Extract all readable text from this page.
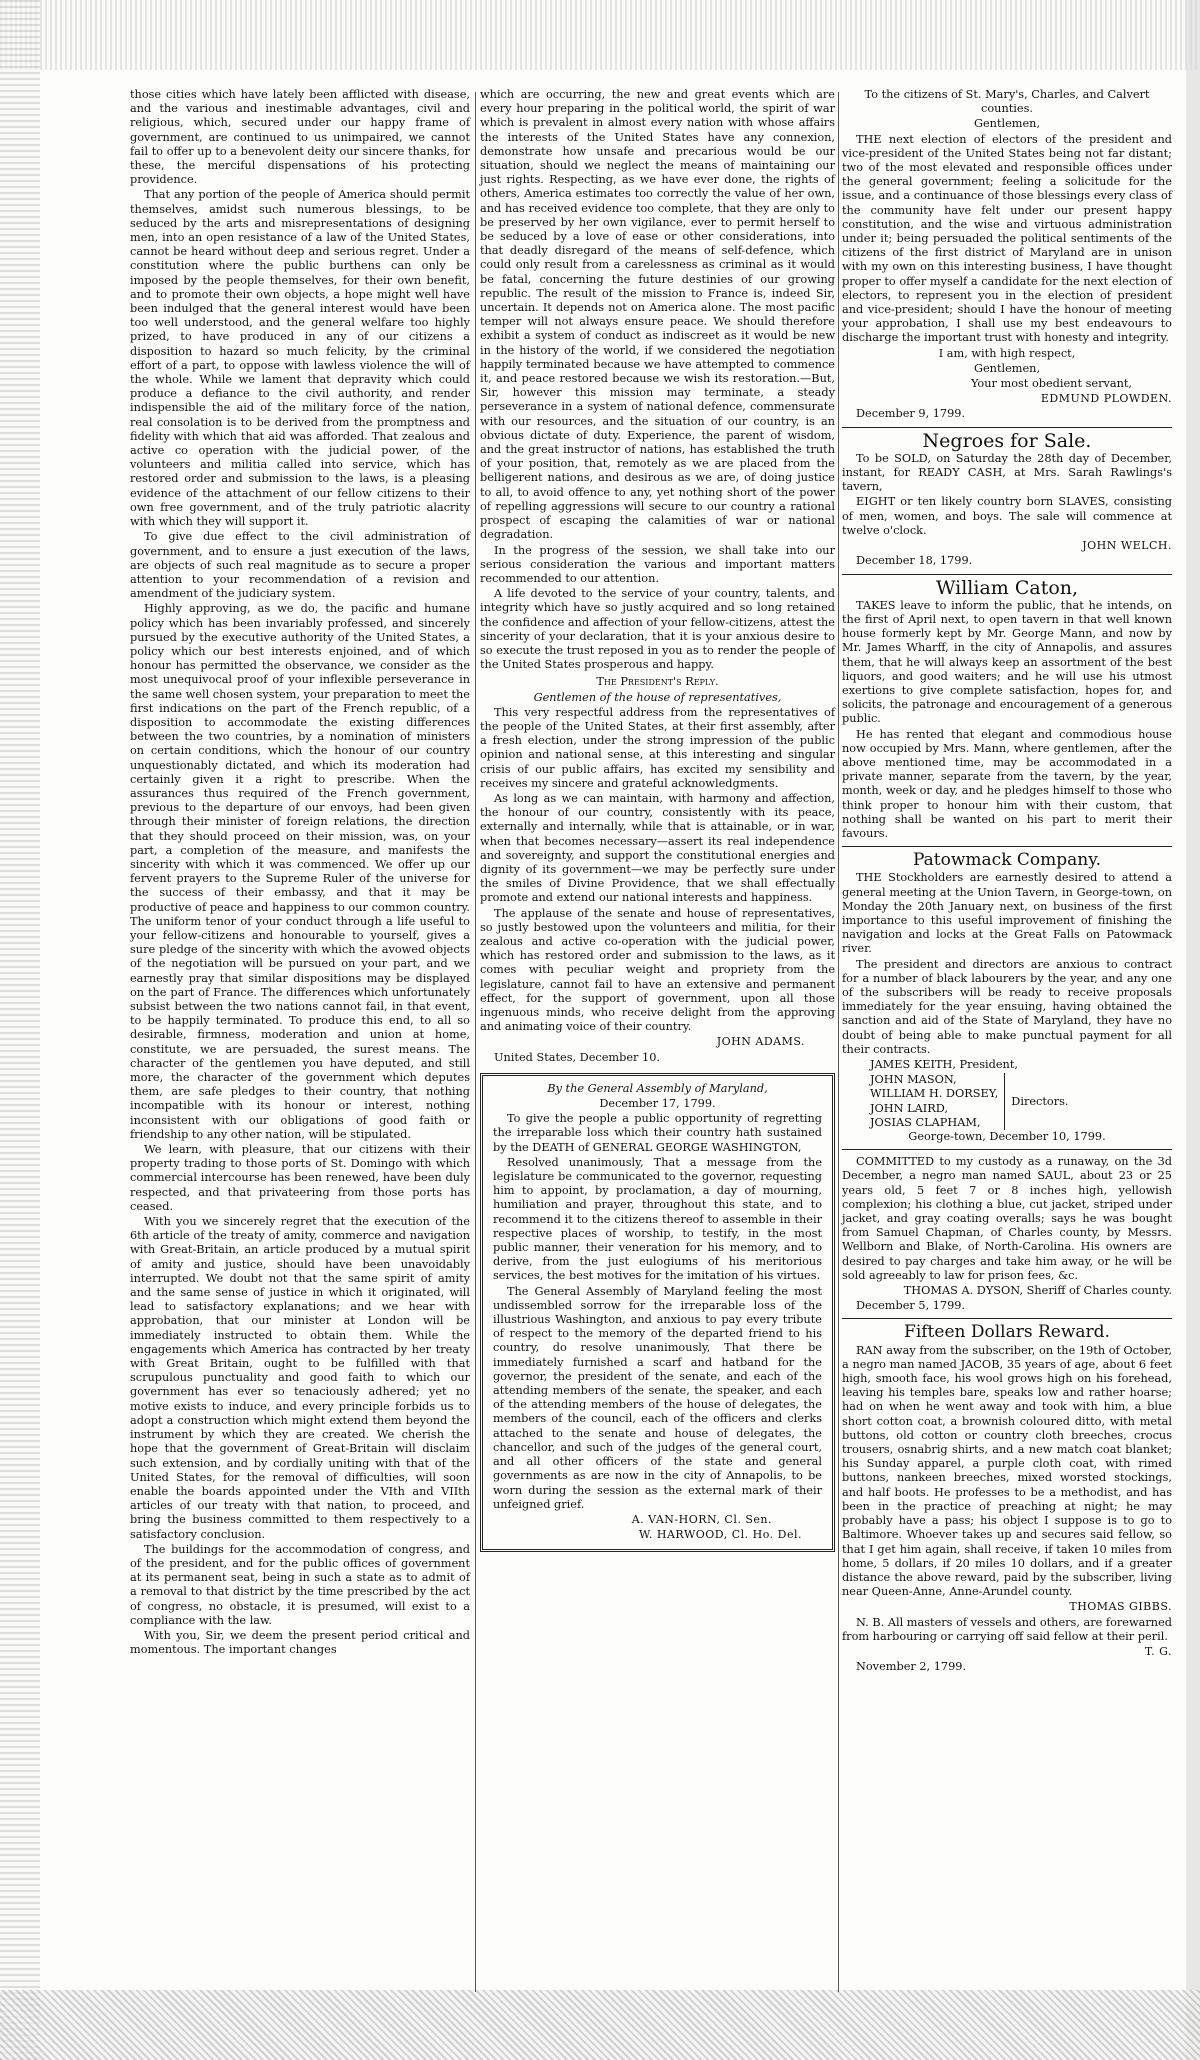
those cities which have lately been afflicted with disease, and the various and inestimable advantages, civil and religious, which, secured under our happy frame of government, are continued to us unimpaired, we cannot fail to offer up to a benevolent deity our sincere thanks, for these, the merciful dispensations of his protecting providence.

That any portion of the people of America should permit themselves, amidst such numerous blessings, to be seduced by the arts and misrepresentations of designing men, into an open resistance of a law of the United States, cannot be heard without deep and serious regret. Under a constitution where the public burthens can only be imposed by the people themselves, for their own benefit, and to promote their own objects, a hope might well have been indulged that the general interest would have been too well understood, and the general welfare too highly prized, to have produced in any of our citizens a disposition to hazard so much felicity, by the criminal effort of a part, to oppose with lawless violence the will of the whole. While we lament that depravity which could produce a defiance to the civil authority, and render indispensible the aid of the military force of the nation, real consolation is to be derived from the promptness and fidelity with which that aid was afforded. That zealous and active co operation with the judicial power, of the volunteers and militia called into service, which has restored order and submission to the laws, is a pleasing evidence of the attachment of our fellow citizens to their own free government, and of the truly patriotic alacrity with which they will support it.

To give due effect to the civil administration of government, and to ensure a just execution of the laws, are objects of such real magnitude as to secure a proper attention to your recommendation of a revision and amendment of the judiciary system.

Highly approving, as we do, the pacific and humane policy which has been invariably professed, and sincerely pursued by the executive authority of the United States, a policy which our best interests enjoined, and of which honour has permitted the observance, we consider as the most unequivocal proof of your inflexible perseverance in the same well chosen system, your preparation to meet the first indications on the part of the French republic, of a disposition to accommodate the existing differences between the two countries, by a nomination of ministers on certain conditions, which the honour of our country unquestionably dictated, and which its moderation had certainly given it a right to prescribe. When the assurances thus required of the French government, previous to the departure of our envoys, had been given through their minister of foreign relations, the direction that they should proceed on their mission, was, on your part, a completion of the measure, and manifests the sincerity with which it was commenced. We offer up our fervent prayers to the Supreme Ruler of the universe for the success of their embassy, and that it may be productive of peace and happiness to our common country. The uniform tenor of your conduct through a life useful to your fellow-citizens and honourable to yourself, gives a sure pledge of the sincerity with which the avowed objects of the negotiation will be pursued on your part, and we earnestly pray that similar dispositions may be displayed on the part of France. The differences which unfortunately subsist between the two nations cannot fail, in that event, to be happily terminated. To produce this end, to all so desirable, firmness, moderation and union at home, constitute, we are persuaded, the surest means. The character of the gentlemen you have deputed, and still more, the character of the government which deputes them, are safe pledges to their country, that nothing incompatible with its honour or interest, nothing inconsistent with our obligations of good faith or friendship to any other nation, will be stipulated.

We learn, with pleasure, that our citizens with their property trading to those ports of St. Domingo with which commercial intercourse has been renewed, have been duly respected, and that privateering from those ports has ceased.

With you we sincerely regret that the execution of the 6th article of the treaty of amity, commerce and navigation with Great-Britain, an article produced by a mutual spirit of amity and justice, should have been unavoidably interrupted. We doubt not that the same spirit of amity and the same sense of justice in which it originated, will lead to satisfactory explanations; and we hear with approbation, that our minister at London will be immediately instructed to obtain them. While the engagements which America has contracted by her treaty with Great Britain, ought to be fulfilled with that scrupulous punctuality and good faith to which our government has ever so tenaciously adhered; yet no motive exists to induce, and every principle forbids us to adopt a construction which might extend them beyond the instrument by which they are created. We cherish the hope that the government of Great-Britain will disclaim such extension, and by cordially uniting with that of the United States, for the removal of difficulties, will soon enable the boards appointed under the VIth and VIIth articles of our treaty with that nation, to proceed, and bring the business committed to them respectively to a satisfactory conclusion.

The buildings for the accommodation of congress, and of the president, and for the public offices of government at its permanent seat, being in such a state as to admit of a removal to that district by the time prescribed by the act of congress, no obstacle, it is presumed, will exist to a compliance with the law.

With you, Sir, we deem the present period critical and momentous. The important changes

which are occurring, the new and great events which are every hour preparing in the political world, the spirit of war which is prevalent in almost every nation with whose affairs the interests of the United States have any connexion, demonstrate how unsafe and precarious would be our situation, should we neglect the means of maintaining our just rights. Respecting, as we have ever done, the rights of others, America estimates too correctly the value of her own, and has received evidence too complete, that they are only to be preserved by her own vigilance, ever to permit herself to be seduced by a love of ease or other considerations, into that deadly disregard of the means of self-defence, which could only result from a carelessness as criminal as it would be fatal, concerning the future destinies of our growing republic. The result of the mission to France is, indeed Sir, uncertain. It depends not on America alone. The most pacific temper will not always ensure peace. We should therefore exhibit a system of conduct as indiscreet as it would be new in the history of the world, if we considered the negotiation happily terminated because we have attempted to commence it, and peace restored because we wish its restoration.—But, Sir, however this mission may terminate, a steady perseverance in a system of national defence, commensurate with our resources, and the situation of our country, is an obvious dictate of duty. Experience, the parent of wisdom, and the great instructor of nations, has established the truth of your position, that, remotely as we are placed from the belligerent nations, and desirous as we are, of doing justice to all, to avoid offence to any, yet nothing short of the power of repelling aggressions will secure to our country a rational prospect of escaping the calamities of war or national degradation.

In the progress of the session, we shall take into our serious consideration the various and important matters recommended to our attention.

A life devoted to the service of your country, talents, and integrity which have so justly acquired and so long retained the confidence and affection of your fellow-citizens, attest the sincerity of your declaration, that it is your anxious desire to so execute the trust reposed in you as to render the people of the United States prosperous and happy.

The President's Reply.

Gentlemen of the house of representatives,

This very respectful address from the representatives of the people of the United States, at their first assembly, after a fresh election, under the strong impression of the public opinion and national sense, at this interesting and singular crisis of our public affairs, has excited my sensibility and receives my sincere and grateful acknowledgments.

As long as we can maintain, with harmony and affection, the honour of our country, consistently with its peace, externally and internally, while that is attainable, or in war, when that becomes necessary—assert its real independence and sovereignty, and support the constitutional energies and dignity of its government—we may be perfectly sure under the smiles of Divine Providence, that we shall effectually promote and extend our national interests and happiness.

The applause of the senate and house of representatives, so justly bestowed upon the volunteers and militia, for their zealous and active co-operation with the judicial power, which has restored order and submission to the laws, as it comes with peculiar weight and propriety from the legislature, cannot fail to have an extensive and permanent effect, for the support of government, upon all those ingenuous minds, who receive delight from the approving and animating voice of their country.

JOHN ADAMS.

United States, December 10.

By the General Assembly of Maryland,

December 17, 1799.

To give the people a public opportunity of regretting the irreparable loss which their country hath sustained by the DEATH of GENERAL GEORGE WASHINGTON,

Resolved unanimously, That a message from the legislature be communicated to the governor, requesting him to appoint, by proclamation, a day of mourning, humiliation and prayer, throughout this state, and to recommend it to the citizens thereof to assemble in their respective places of worship, to testify, in the most public manner, their veneration for his memory, and to derive, from the just eulogiums of his meritorious services, the best motives for the imitation of his virtues.

The General Assembly of Maryland feeling the most undissembled sorrow for the irreparable loss of the illustrious Washington, and anxious to pay every tribute of respect to the memory of the departed friend to his country, do resolve unanimously, That there be immediately furnished a scarf and hatband for the governor, the president of the senate, and each of the attending members of the senate, the speaker, and each of the attending members of the house of delegates, the members of the council, each of the officers and clerks attached to the senate and house of delegates, the chancellor, and such of the judges of the general court, and all other officers of the state and general governments as are now in the city of Annapolis, to be worn during the session as the external mark of their unfeigned grief.

A. VAN-HORN, Cl. Sen.

W. HARWOOD, Cl. Ho. Del.

To the citizens of St. Mary's, Charles, and Calvert counties.

Gentlemen,

THE next election of electors of the president and vice-president of the United States being not far distant; two of the most elevated and responsible offices under the general government; feeling a solicitude for the issue, and a continuance of those blessings every class of the community have felt under our present happy constitution, and the wise and virtuous administration under it; being persuaded the political sentiments of the citizens of the first district of Maryland are in unison with my own on this interesting business, I have thought proper to offer myself a candidate for the next election of electors, to represent you in the election of president and vice-president; should I have the honour of meeting your approbation, I shall use my best endeavours to discharge the important trust with honesty and integrity.

I am, with high respect,

Gentlemen,

Your most obedient servant,

EDMUND PLOWDEN.

December 9, 1799.

Negroes for Sale.

To be SOLD, on Saturday the 28th day of December, instant, for READY CASH, at Mrs. Sarah Rawlings's tavern,

EIGHT or ten likely country born SLAVES, consisting of men, women, and boys. The sale will commence at twelve o'clock.

JOHN WELCH.

December 18, 1799.

William Caton,

TAKES leave to inform the public, that he intends, on the first of April next, to open tavern in that well known house formerly kept by Mr. George Mann, and now by Mr. James Wharff, in the city of Annapolis, and assures them, that he will always keep an assortment of the best liquors, and good waiters; and he will use his utmost exertions to give complete satisfaction, hopes for, and solicits, the patronage and encouragement of a generous public.

He has rented that elegant and commodious house now occupied by Mrs. Mann, where gentlemen, after the above mentioned time, may be accommodated in a private manner, separate from the tavern, by the year, month, week or day, and he pledges himself to those who think proper to honour him with their custom, that nothing shall be wanted on his part to merit their favours.

Patowmack Company.

THE Stockholders are earnestly desired to attend a general meeting at the Union Tavern, in George-town, on Monday the 20th January next, on business of the first importance to this useful improvement of finishing the navigation and locks at the Great Falls on Patowmack river.

The president and directors are anxious to contract for a number of black labourers by the year, and any one of the subscribers will be ready to receive proposals immediately for the year ensuing, having obtained the sanction and aid of the State of Maryland, they have no doubt of being able to make punctual payment for all their contracts.

JAMES KEITH, President,

JOHN MASON,
WILLIAM H. DORSEY,
JOHN LAIRD,
JOSIAS CLAPHAM,
Directors.

George-town, December 10, 1799.

COMMITTED to my custody as a runaway, on the 3d December, a negro man named SAUL, about 23 or 25 years old, 5 feet 7 or 8 inches high, yellowish complexion; his clothing a blue, cut jacket, striped under jacket, and gray coating overalls; says he was bought from Samuel Chapman, of Charles county, by Messrs. Wellborn and Blake, of North-Carolina. His owners are desired to pay charges and take him away, or he will be sold agreeably to law for prison fees, &c.

THOMAS A. DYSON, Sheriff of Charles county.

December 5, 1799.

Fifteen Dollars Reward.

RAN away from the subscriber, on the 19th of October, a negro man named JACOB, 35 years of age, about 6 feet high, smooth face, his wool grows high on his forehead, leaving his temples bare, speaks low and rather hoarse; had on when he went away and took with him, a blue short cotton coat, a brownish coloured ditto, with metal buttons, old cotton or country cloth breeches, crocus trousers, osnabrig shirts, and a new match coat blanket; his Sunday apparel, a purple cloth coat, with rimed buttons, nankeen breeches, mixed worsted stockings, and half boots. He professes to be a methodist, and has been in the practice of preaching at night; he may probably have a pass; his object I suppose is to go to Baltimore. Whoever takes up and secures said fellow, so that I get him again, shall receive, if taken 10 miles from home, 5 dollars, if 20 miles 10 dollars, and if a greater distance the above reward, paid by the subscriber, living near Queen-Anne, Anne-Arundel county.

THOMAS GIBBS.

N. B. All masters of vessels and others, are forewarned from harbouring or carrying off said fellow at their peril.

T. G.

November 2, 1799.
